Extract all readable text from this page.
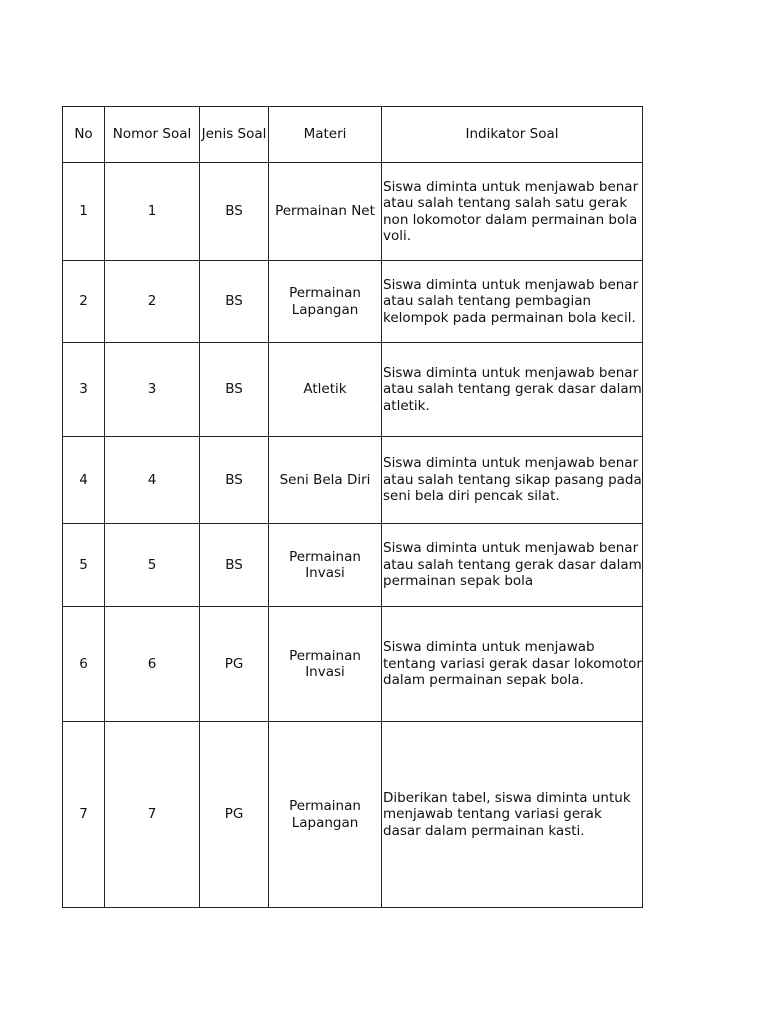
No	Nomor Soal	Jenis Soal	Materi	Indikator Soal
1	1	BS	Permainan Net	Siswa diminta untuk menjawab benar atau salah tentang salah satu gerak non lokomotor dalam permainan bola voli.
2	2	BS	Permainan Lapangan	Siswa diminta untuk menjawab benar atau salah tentang pembagian kelompok pada permainan bola kecil.
3	3	BS	Atletik	Siswa diminta untuk menjawab benar atau salah tentang gerak dasar dalam atletik.
4	4	BS	Seni Bela Diri	Siswa diminta untuk menjawab benar atau salah tentang sikap pasang pada seni bela diri pencak silat.
5	5	BS	Permainan Invasi	Siswa diminta untuk menjawab benar atau salah tentang gerak dasar dalam permainan sepak bola
6	6	PG	Permainan Invasi	Siswa diminta untuk menjawab tentang variasi gerak dasar lokomotor dalam permainan sepak bola.
7	7	PG	Permainan Lapangan	Diberikan tabel, siswa diminta untuk menjawab tentang variasi gerak dasar dalam permainan kasti.
